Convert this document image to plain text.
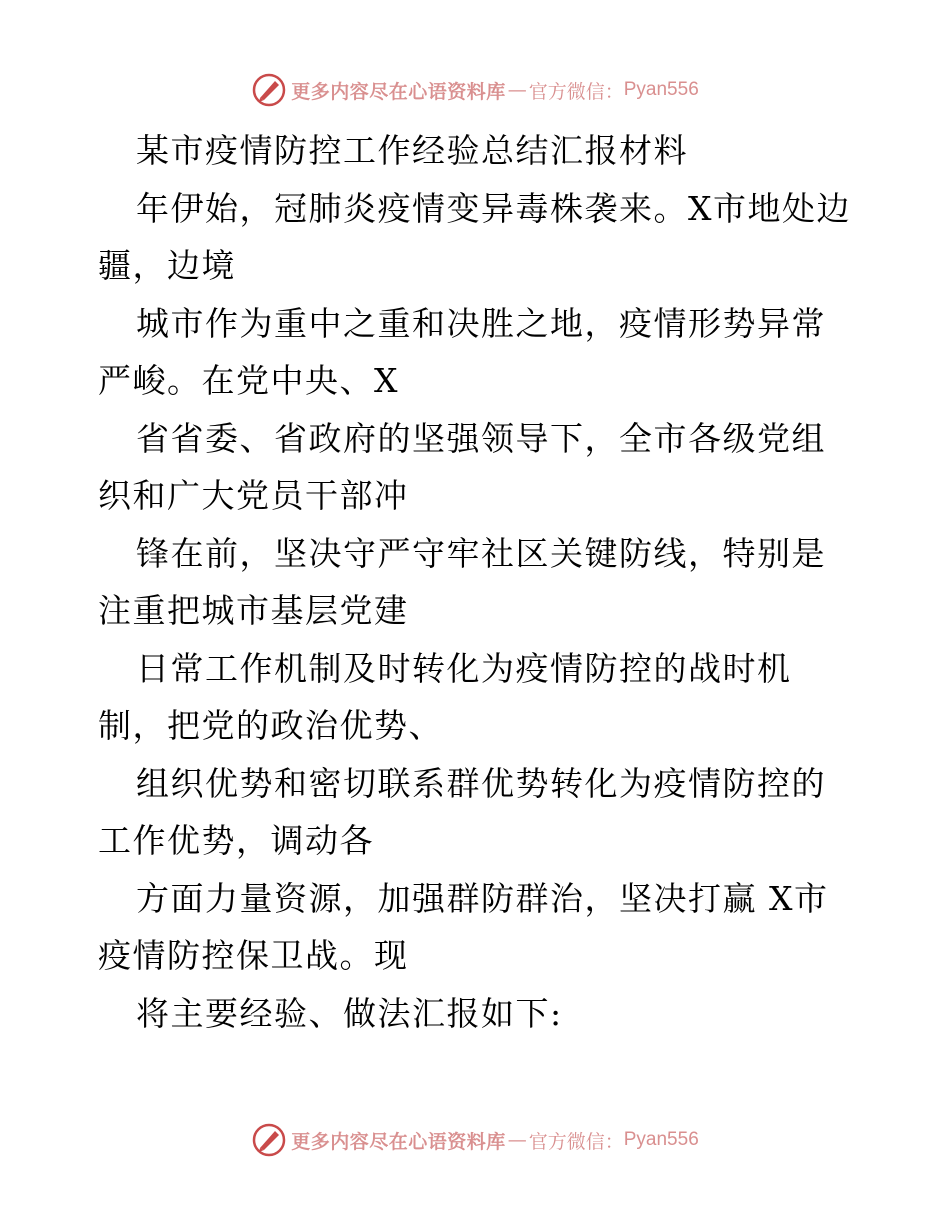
更多内容尽在心语资料库 — 官方微信： Pyan556

某市疫情防控工作经验总结汇报材料

年伊始，冠肺炎疫情变异毒株袭来。X市地处边疆，边境

城市作为重中之重和决胜之地，疫情形势异常严峻。在党中央、X

省省委、省政府的坚强领导下，全市各级党组织和广大党员干部冲

锋在前，坚决守严守牢社区关键防线，特别是注重把城市基层党建

日常工作机制及时转化为疫情防控的战时机制，把党的政治优势、

组织优势和密切联系群优势转化为疫情防控的工作优势，调动各

方面力量资源，加强群防群治，坚决打赢 X市疫情防控保卫战。现

将主要经验、做法汇报如下:

更多内容尽在心语资料库 — 官方微信： Pyan556
